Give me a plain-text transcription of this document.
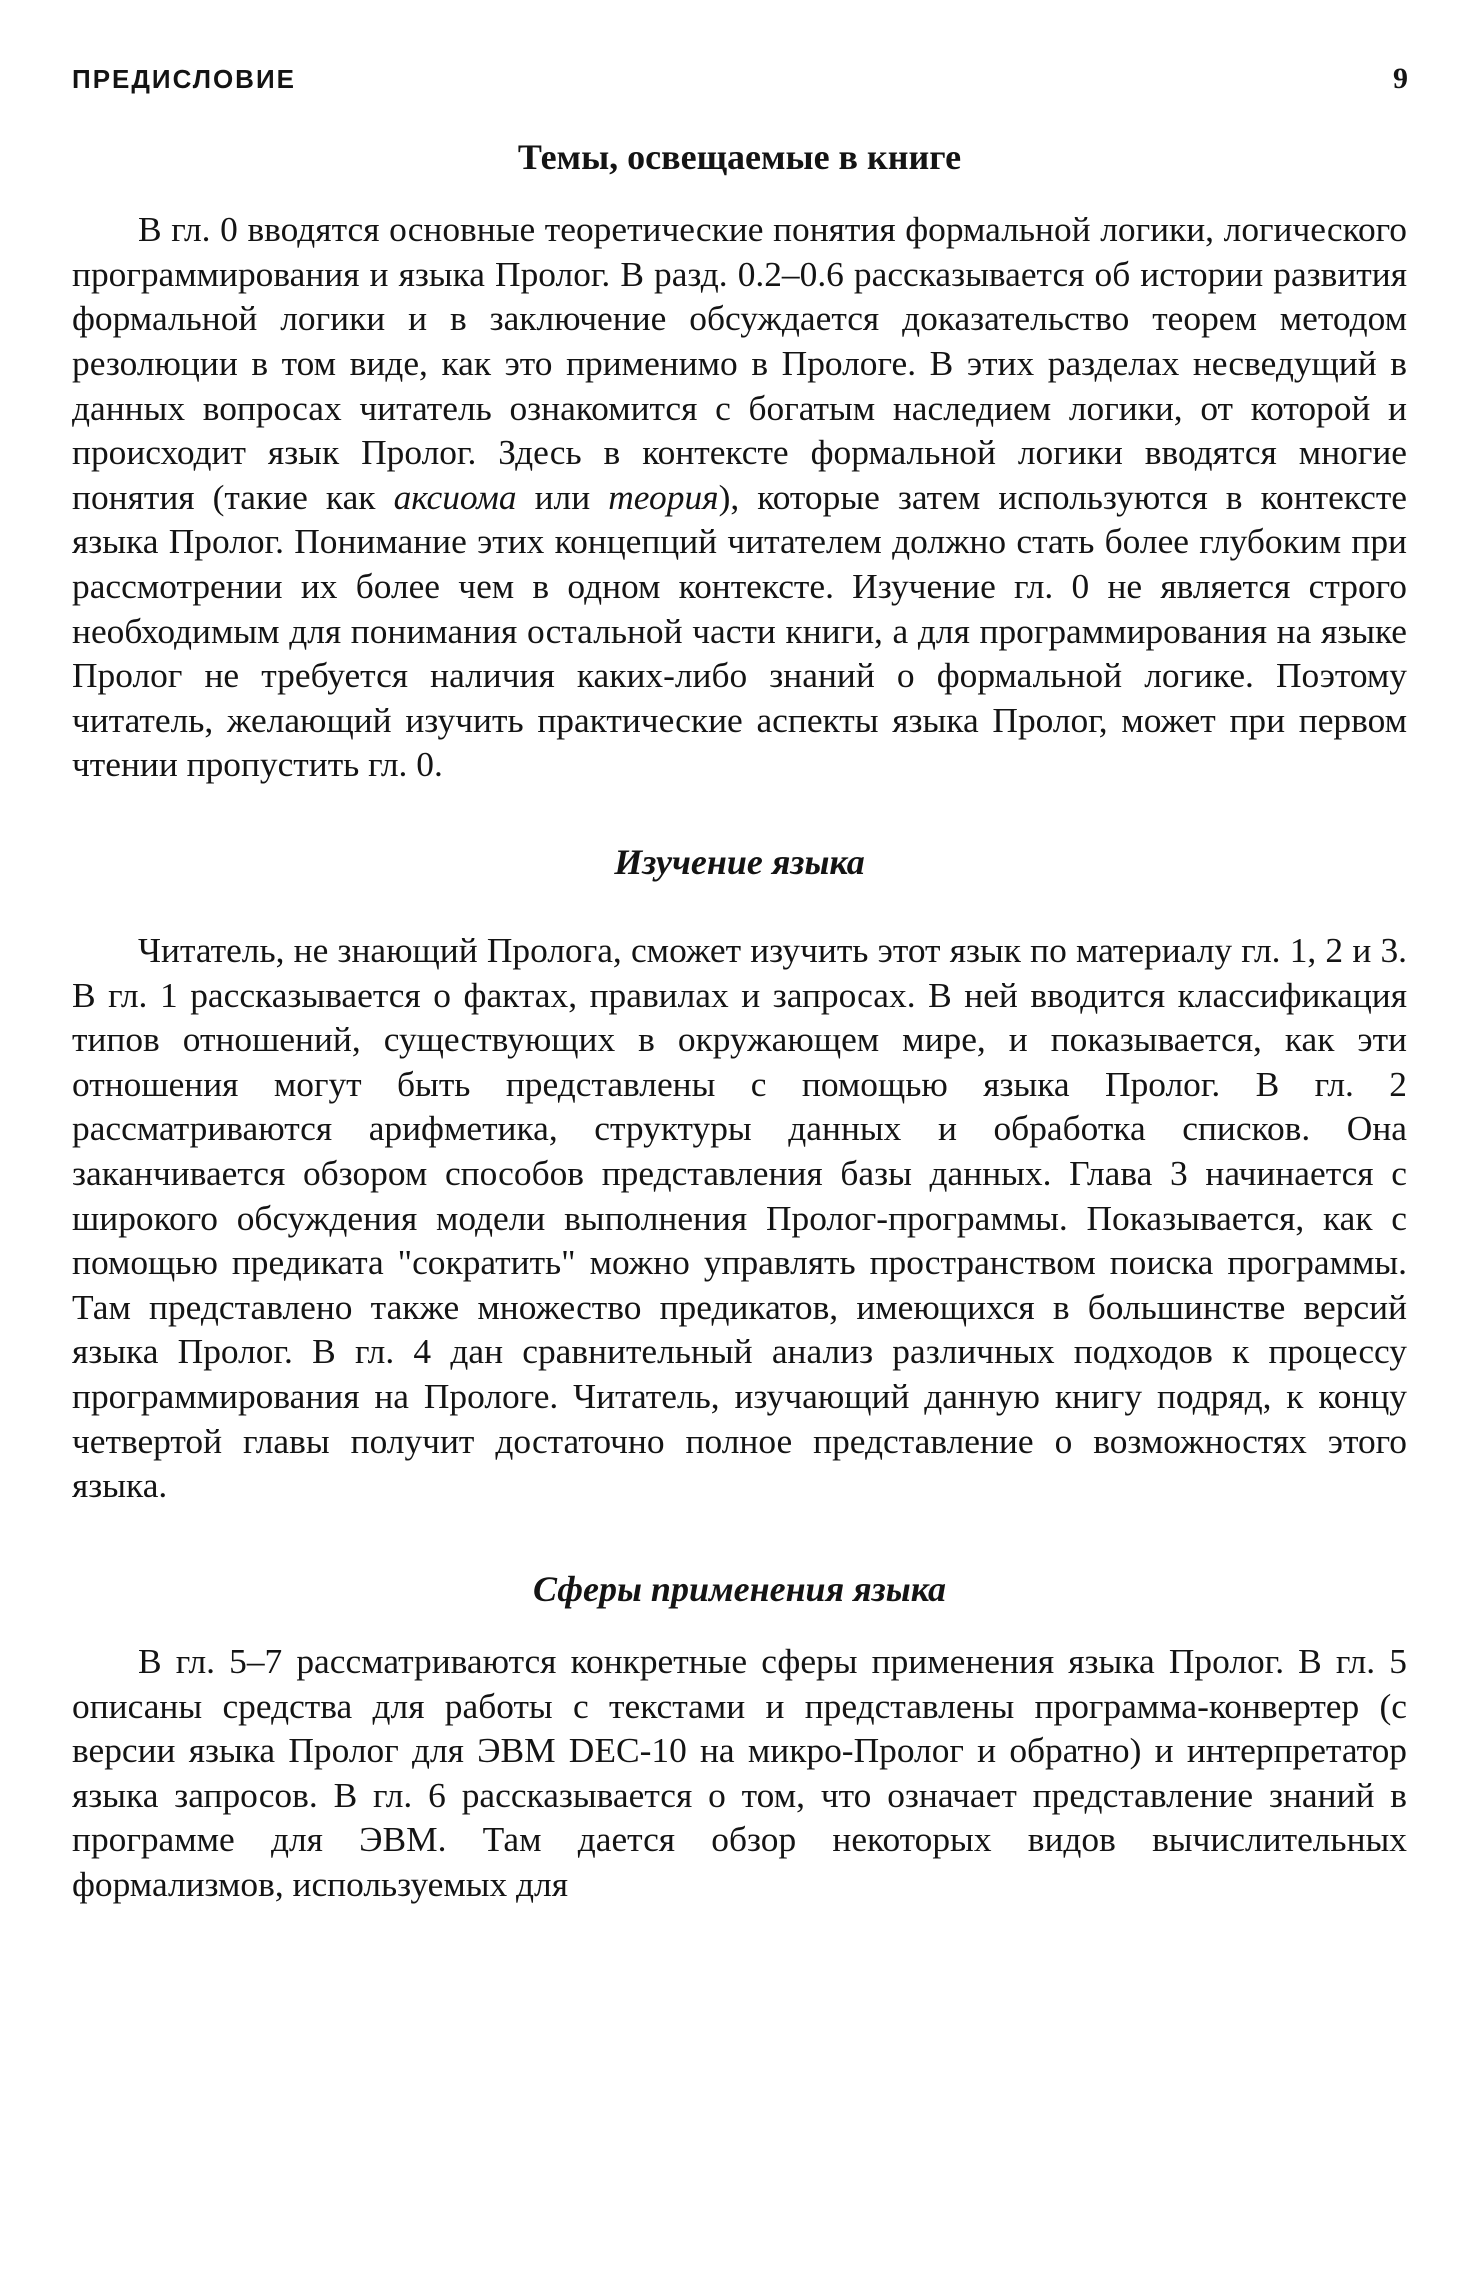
ПРЕДИСЛОВИЕ	9
Темы, освещаемые в книге

В гл. 0 вводятся основные теоретические понятия формальной логики, логического программирования и языка Пролог. В разд. 0.2–0.6 рассказывается об истории развития формальной логики и в заключение обсуждается доказательство теорем методом резолюции в том виде, как это применимо в Прологе. В этих разделах несведущий в данных вопросах читатель ознакомится с богатым наследием логики, от которой и происходит язык Пролог. Здесь в контексте формальной логики вводятся многие понятия (такие как аксиома или теория), которые затем используются в контексте языка Пролог. Понимание этих концепций читателем должно стать более глубоким при рассмотрении их более чем в одном контексте. Изучение гл. 0 не является строго необходимым для понимания остальной части книги, а для программирования на языке Пролог не требуется наличия каких-либо знаний о формальной логике. Поэтому читатель, желающий изучить практические аспекты языка Пролог, может при первом чтении пропустить гл. 0.

Изучение языка

Читатель, не знающий Пролога, сможет изучить этот язык по материалу гл. 1, 2 и 3. В гл. 1 рассказывается о фактах, правилах и запросах. В ней вводится классификация типов отношений, существующих в окружающем мире, и показывается, как эти отношения могут быть представлены с помощью языка Пролог. В гл. 2 рассматриваются арифметика, структуры данных и обработка списков. Она заканчивается обзором способов представления базы данных. Глава 3 начинается с широкого обсуждения модели выполнения Пролог-программы. Показывается, как с помощью предиката "сократить" можно управлять пространством поиска программы. Там представлено также множество предикатов, имеющихся в большинстве версий языка Пролог. В гл. 4 дан сравнительный анализ различных подходов к процессу программирования на Прологе. Читатель, изучающий данную книгу подряд, к концу четвертой главы получит достаточно полное представление о возможностях этого языка.

Сферы применения языка

В гл. 5–7 рассматриваются конкретные сферы применения языка Пролог. В гл. 5 описаны средства для работы с текстами и представлены программа-конвертер (с версии языка Пролог для ЭВМ DEC-10 на микро-Пролог и обратно) и интерпретатор языка запросов. В гл. 6 рассказывается о том, что означает представление знаний в программе для ЭВМ. Там дается обзор некоторых видов вычислительных формализмов, используемых для
